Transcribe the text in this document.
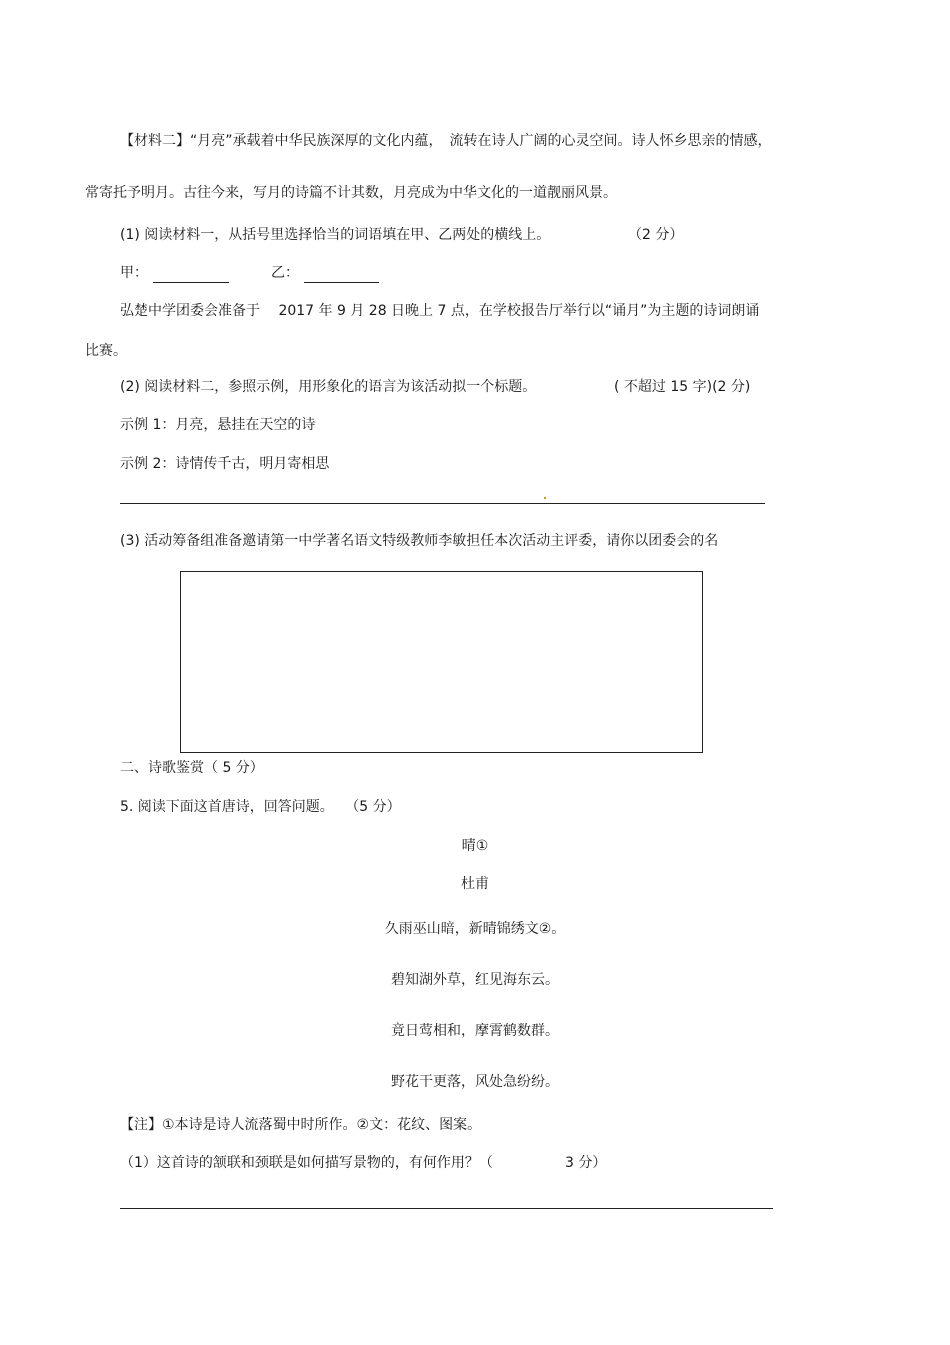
【材料二】“月亮”承载着中华民族深厚的文化内蕴，　流转在诗人广阔的心灵空间。诗人怀乡思亲的情感，
常寄托予明月。古往今来，写月的诗篇不计其数，月亮成为中华文化的一道靓丽风景。
(1) 阅读材料一，从括号里选择恰当的词语填在甲、乙两处的横线上。	（2 分）
甲：	乙：
弘楚中学团委会准备于　 2017 年 9 月 28 日晚上 7 点，在学校报告厅举行以“诵月”为主题的诗词朗诵
比赛。
(2) 阅读材料二，参照示例，用形象化的语言为该活动拟一个标题。	( 不超过 15 字)(2 分)
示例 1：月亮，悬挂在天空的诗
示例 2：诗情传千古，明月寄相思
(3) 活动筹备组准备邀请第一中学著名语文特级教师李敏担任本次活动主评委，请你以团委会的名
二、诗歌鉴赏（ 5 分）
5. 阅读下面这首唐诗，回答问题。　 （5 分）
晴①
杜甫
久雨巫山暗，新晴锦绣文②。
碧知湖外草，红见海东云。
竟日莺相和，摩霄鹤数群。
野花干更落，风处急纷纷。
【注】①本诗是诗人流落蜀中时所作。②文：花纹、图案。
（1）这首诗的颔联和颈联是如何描写景物的，有何作用？（	3 分）
